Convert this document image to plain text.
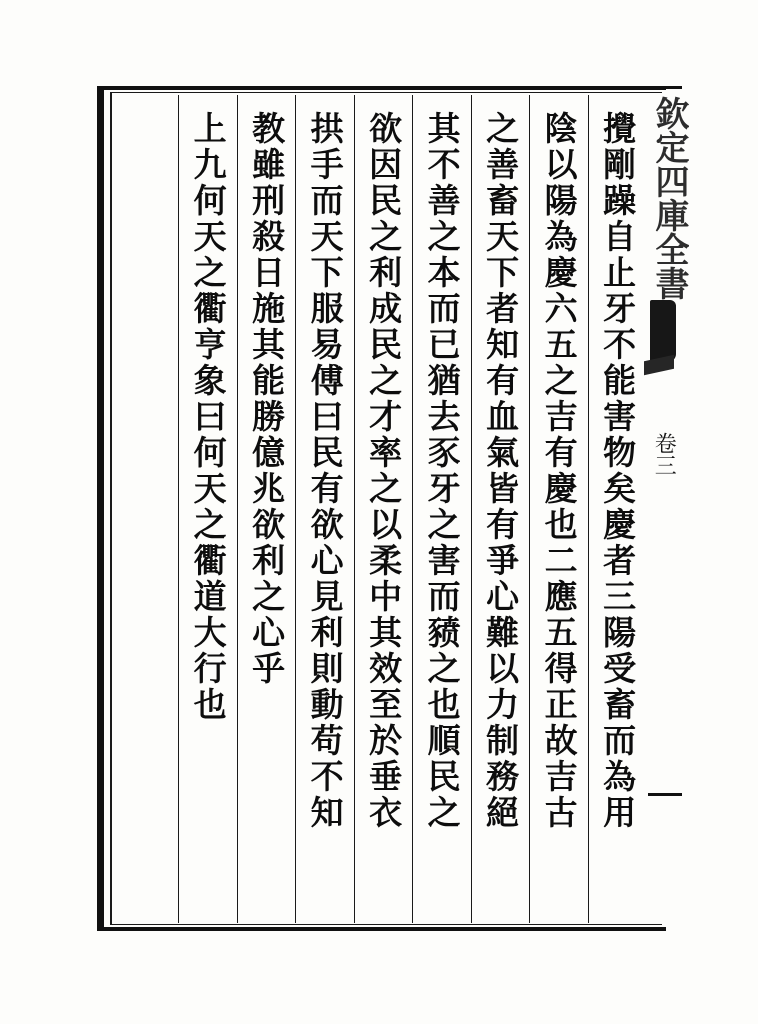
攪剛躁自止牙不能害物矣慶者三陽受畜而為用
陰以陽為慶六五之吉有慶也二應五得正故吉古
之善畜天下者知有血氣皆有爭心難以力制務絕
其不善之本而已猶去豕牙之害而豮之也順民之
欲因民之利成民之才率之以柔中其效至於垂衣
拱手而天下服易傅曰民有欲心見利則動苟不知
教雖刑殺日施其能勝億兆欲利之心乎
上九何天之衢亨象曰何天之衢道大行也	欽定四庫全書
卷三
